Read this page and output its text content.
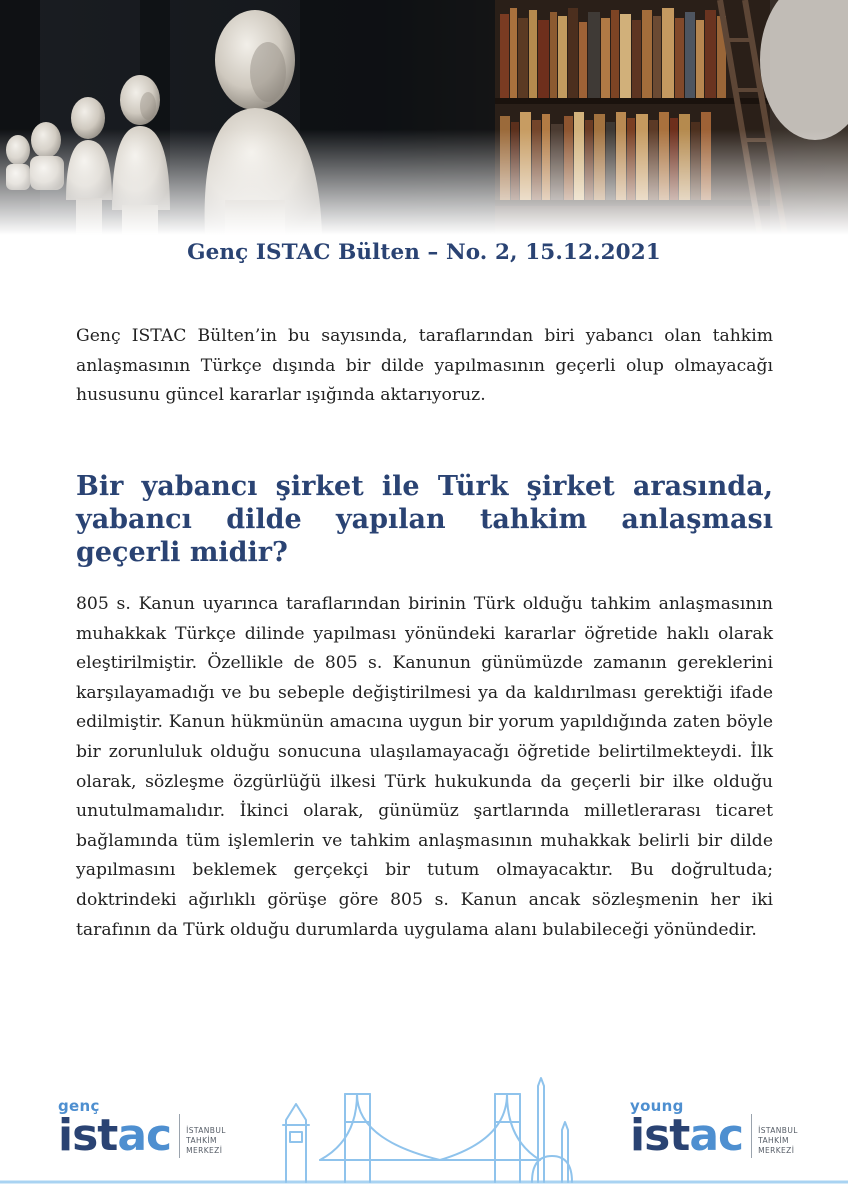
Genç ISTAC Bülten – No. 2, 15.12.2021

Genç ISTAC Bülten’in bu sayısında, taraflarından biri yabancı olan tahkim anlaşmasının Türkçe dışında bir dilde yapılmasının geçerli olup olmayacağı hususunu güncel kararlar ışığında aktarıyoruz.

Bir yabancı şirket ile Türk şirket arasında, yabancı dilde yapılan tahkim anlaşması geçerli midir?

805 s. Kanun uyarınca taraflarından birinin Türk olduğu tahkim anlaşmasının muhakkak Türkçe dilinde yapılması yönündeki kararlar öğretide haklı olarak eleştirilmiştir. Özellikle de 805 s. Kanunun günümüzde zamanın gereklerini karşılayamadığı ve bu sebeple değiştirilmesi ya da kaldırılması gerektiği ifade edilmiştir. Kanun hükmünün amacına uygun bir yorum yapıldığında zaten böyle bir zorunluluk olduğu sonucuna ulaşılamayacağı öğretide belirtilmekteydi. İlk olarak, sözleşme özgürlüğü ilkesi Türk hukukunda da geçerli bir ilke olduğu unutulmamalıdır. İkinci olarak, günümüz şartlarında milletlerarası ticaret bağlamında tüm işlemlerin ve tahkim anlaşmasının muhakkak belirli bir dilde yapılmasını beklemek gerçekçi bir tutum olmayacaktır. Bu doğrultuda; doktrindeki ağırlıklı görüşe göre 805 s. Kanun ancak sözleşmenin her iki tarafının da Türk olduğu durumlarda uygulama alanı bulabileceği yönündedir.

genç
istac İSTANBUL
TAHKİM
MERKEZİ
young
istac İSTANBUL
TAHKİM
MERKEZİ
